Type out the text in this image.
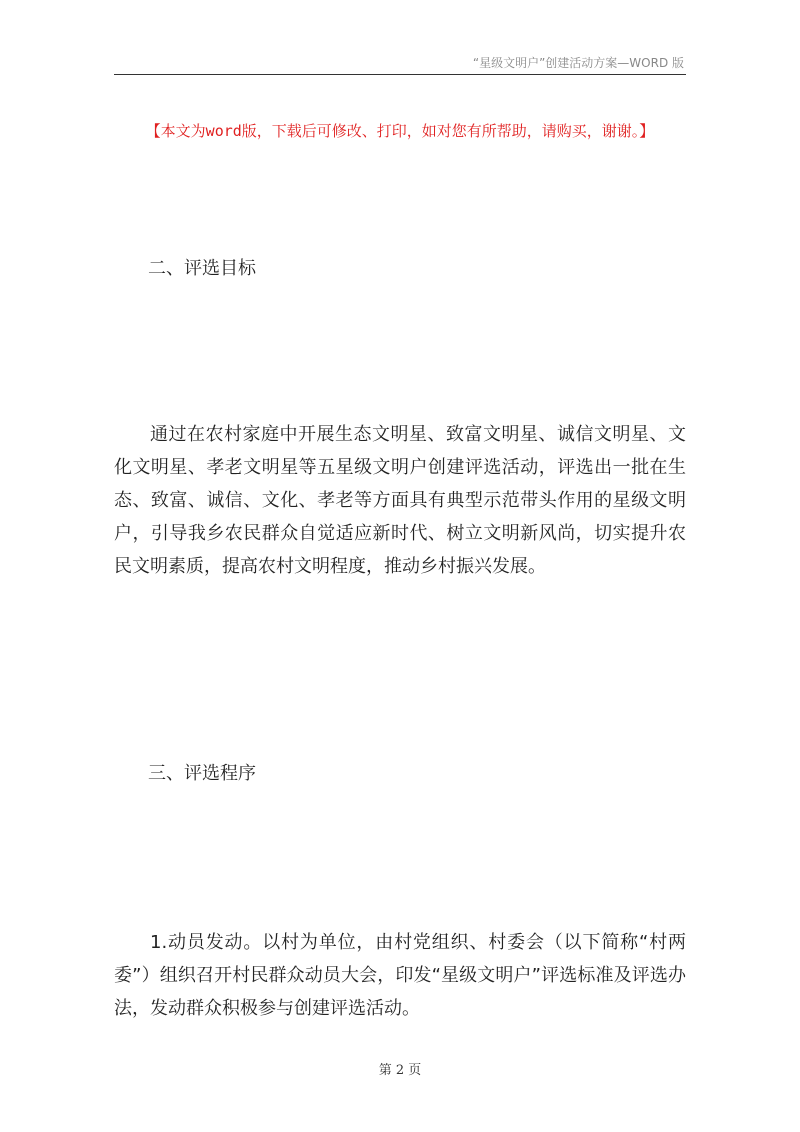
“星级文明户”创建活动方案—WORD 版
【本文为word版，下载后可修改、打印，如对您有所帮助，请购买，谢谢。】
二、评选目标

通过在农村家庭中开展生态文明星、致富文明星、诚信文明星、文化文明星、孝老文明星等五星级文明户创建评选活动，评选出一批在生态、致富、诚信、文化、孝老等方面具有典型示范带头作用的星级文明户，引导我乡农民群众自觉适应新时代、树立文明新风尚，切实提升农民文明素质，提高农村文明程度，推动乡村振兴发展。

三、评选程序

1.动员发动。以村为单位，由村党组织、村委会（以下简称“村两委”）组织召开村民群众动员大会，印发“星级文明户”评选标准及评选办法，发动群众积极参与创建评选活动。

第 2 页
